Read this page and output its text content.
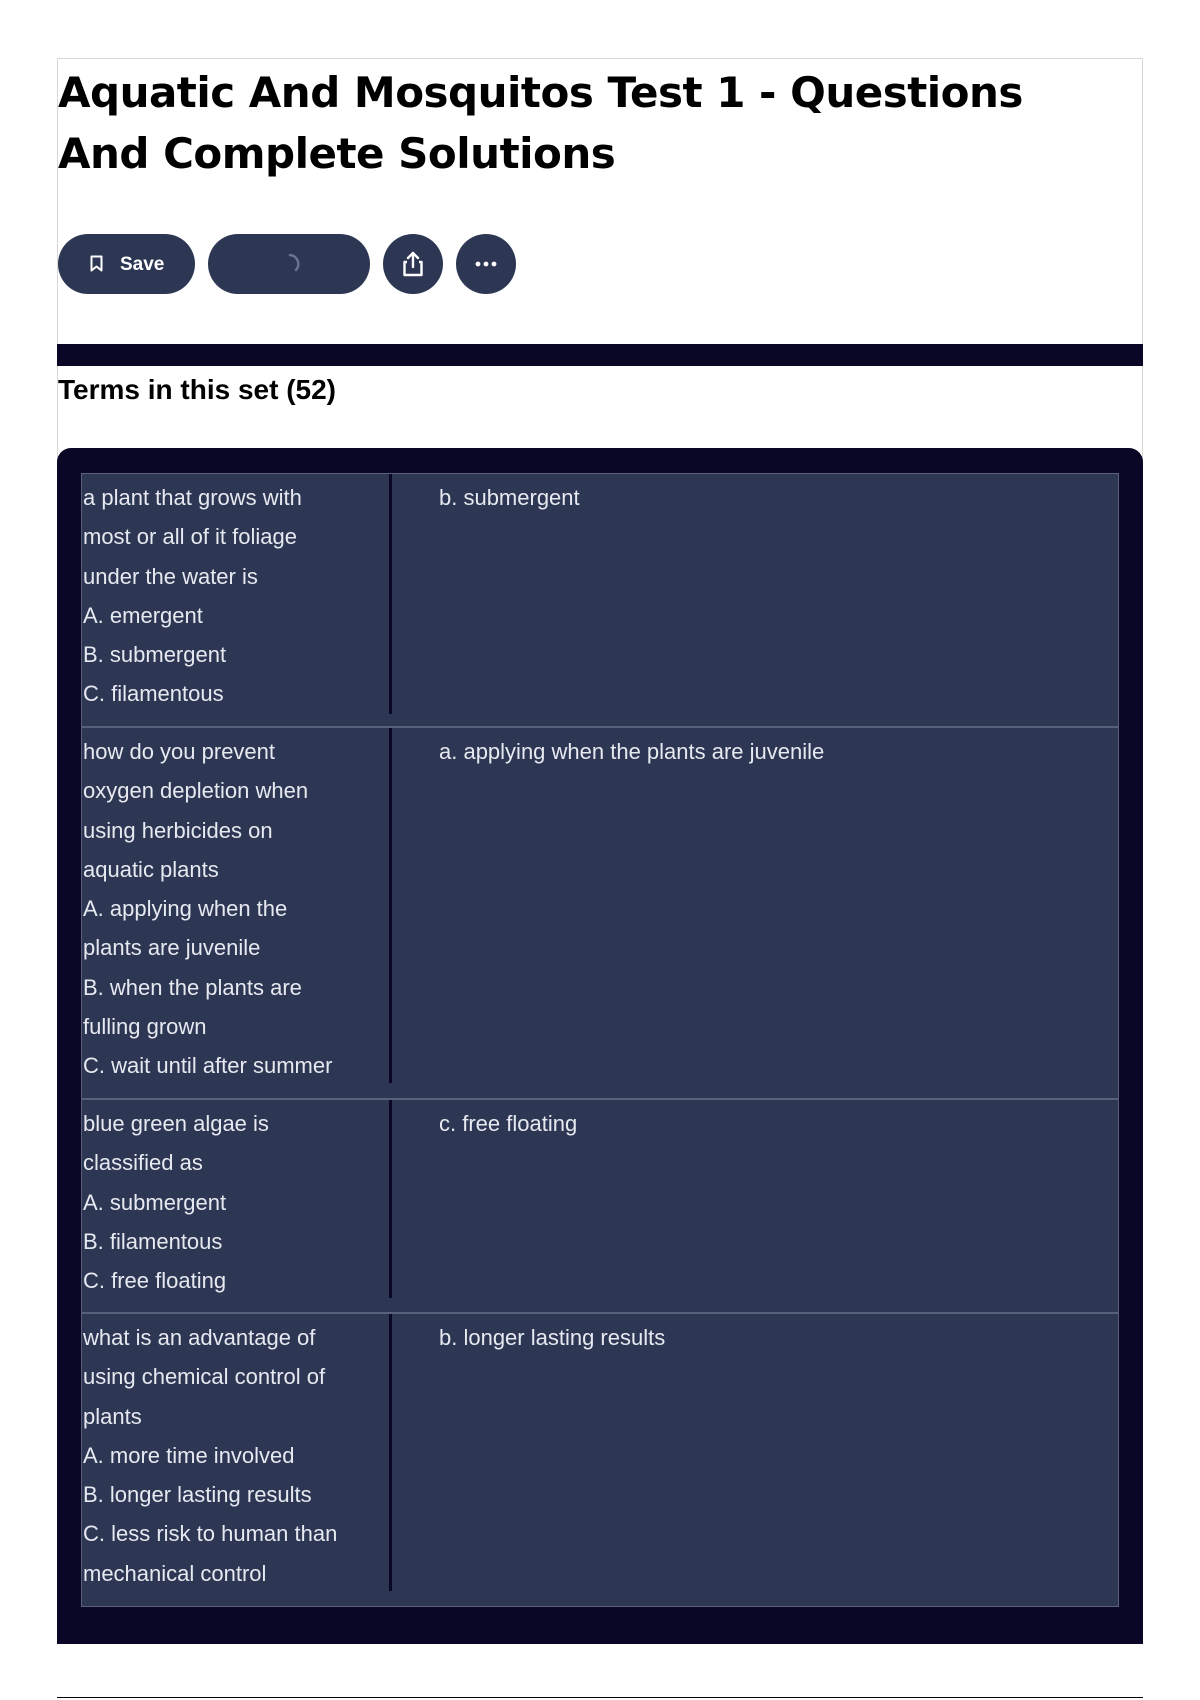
Aquatic And Mosquitos Test 1 - Questions And Complete Solutions
Save
Terms in this set (52)
a plant that grows with
most or all of it foliage
under the water is
A. emergent
B. submergent
C. filamentous
b. submergent
how do you prevent
oxygen depletion when
using herbicides on
aquatic plants
A. applying when the
plants are juvenile
B. when the plants are
fulling grown
C. wait until after summer
a. applying when the plants are juvenile
blue green algae is
classified as
A. submergent
B. filamentous
C. free floating
c. free floating
what is an advantage of
using chemical control of
plants
A. more time involved
B. longer lasting results
C. less risk to human than
mechanical control
b. longer lasting results
